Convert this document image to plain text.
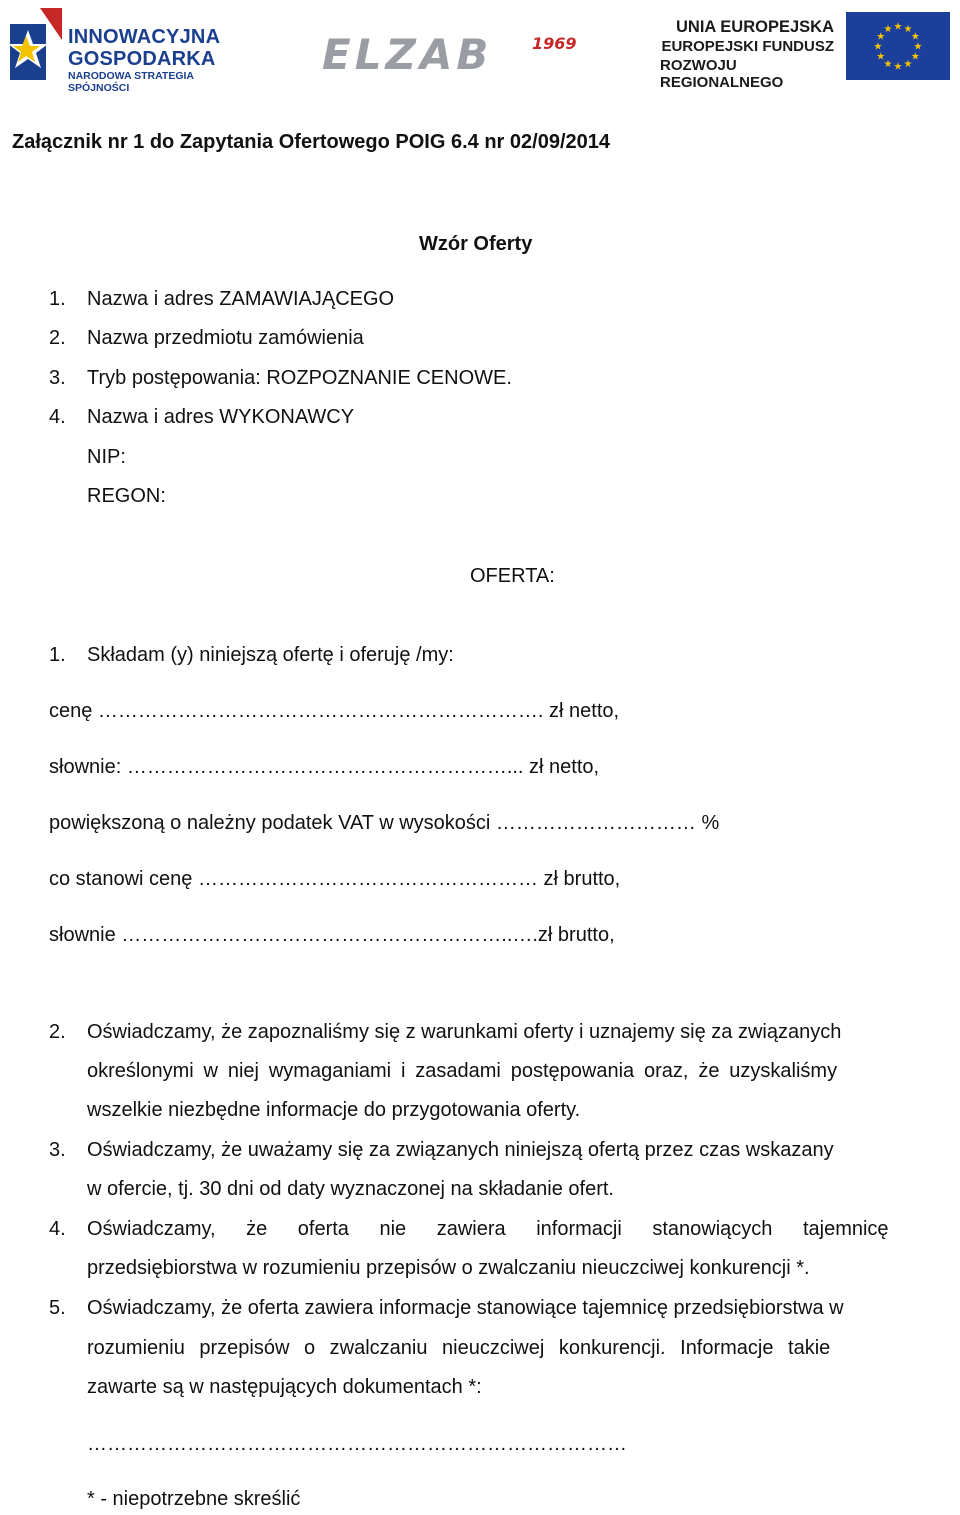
INNOWACYJNA
GOSPODARKA
NARODOWA STRATEGIA SPÓJNOŚCI
ELZAB 1969
UNIA EUROPEJSKA
EUROPEJSKI FUNDUSZ
ROZWOJU REGIONALNEGO
★
★
★
★
★
★
★
★
★ ★ ★
★
Załącznik nr 1 do Zapytania Ofertowego POIG 6.4 nr 02/09/2014
Wzór Oferty
1. Nazwa i adres ZAMAWIAJĄCEGO
2. Nazwa przedmiotu zamówienia
3. Tryb postępowania: ROZPOZNANIE CENOWE.
4. Nazwa i adres WYKONAWCY
NIP:
REGON:
OFERTA:
1. Składam (y) niniejszą ofertę i oferuję /my:
cenę …………………………………………………………. zł netto,
słownie: …………………………………………………... zł netto,
powiększoną o należny podatek VAT w wysokości ………………………… %
co stanowi cenę …………………………………………… zł brutto,
słownie …………………………………………………..….zł brutto,
2. Oświadczamy, że zapoznaliśmy się z warunkami oferty i uznajemy się za związanych
określonymi w niej wymaganiami i zasadami postępowania oraz, że uzyskaliśmy
wszelkie niezbędne informacje do przygotowania oferty.
3. Oświadczamy, że uważamy się za związanych niniejszą ofertą przez czas wskazany
w ofercie, tj. 30 dni od daty wyznaczonej na składanie ofert.
4. Oświadczamy, że oferta nie zawiera informacji stanowiących tajemnicę
przedsiębiorstwa w rozumieniu przepisów o zwalczaniu nieuczciwej konkurencji *.
5. Oświadczamy, że oferta zawiera informacje stanowiące tajemnicę przedsiębiorstwa w
rozumieniu przepisów o zwalczaniu nieuczciwej konkurencji. Informacje takie
zawarte są w następujących dokumentach *:
………………………………………………………………………
* - niepotrzebne skreślić
